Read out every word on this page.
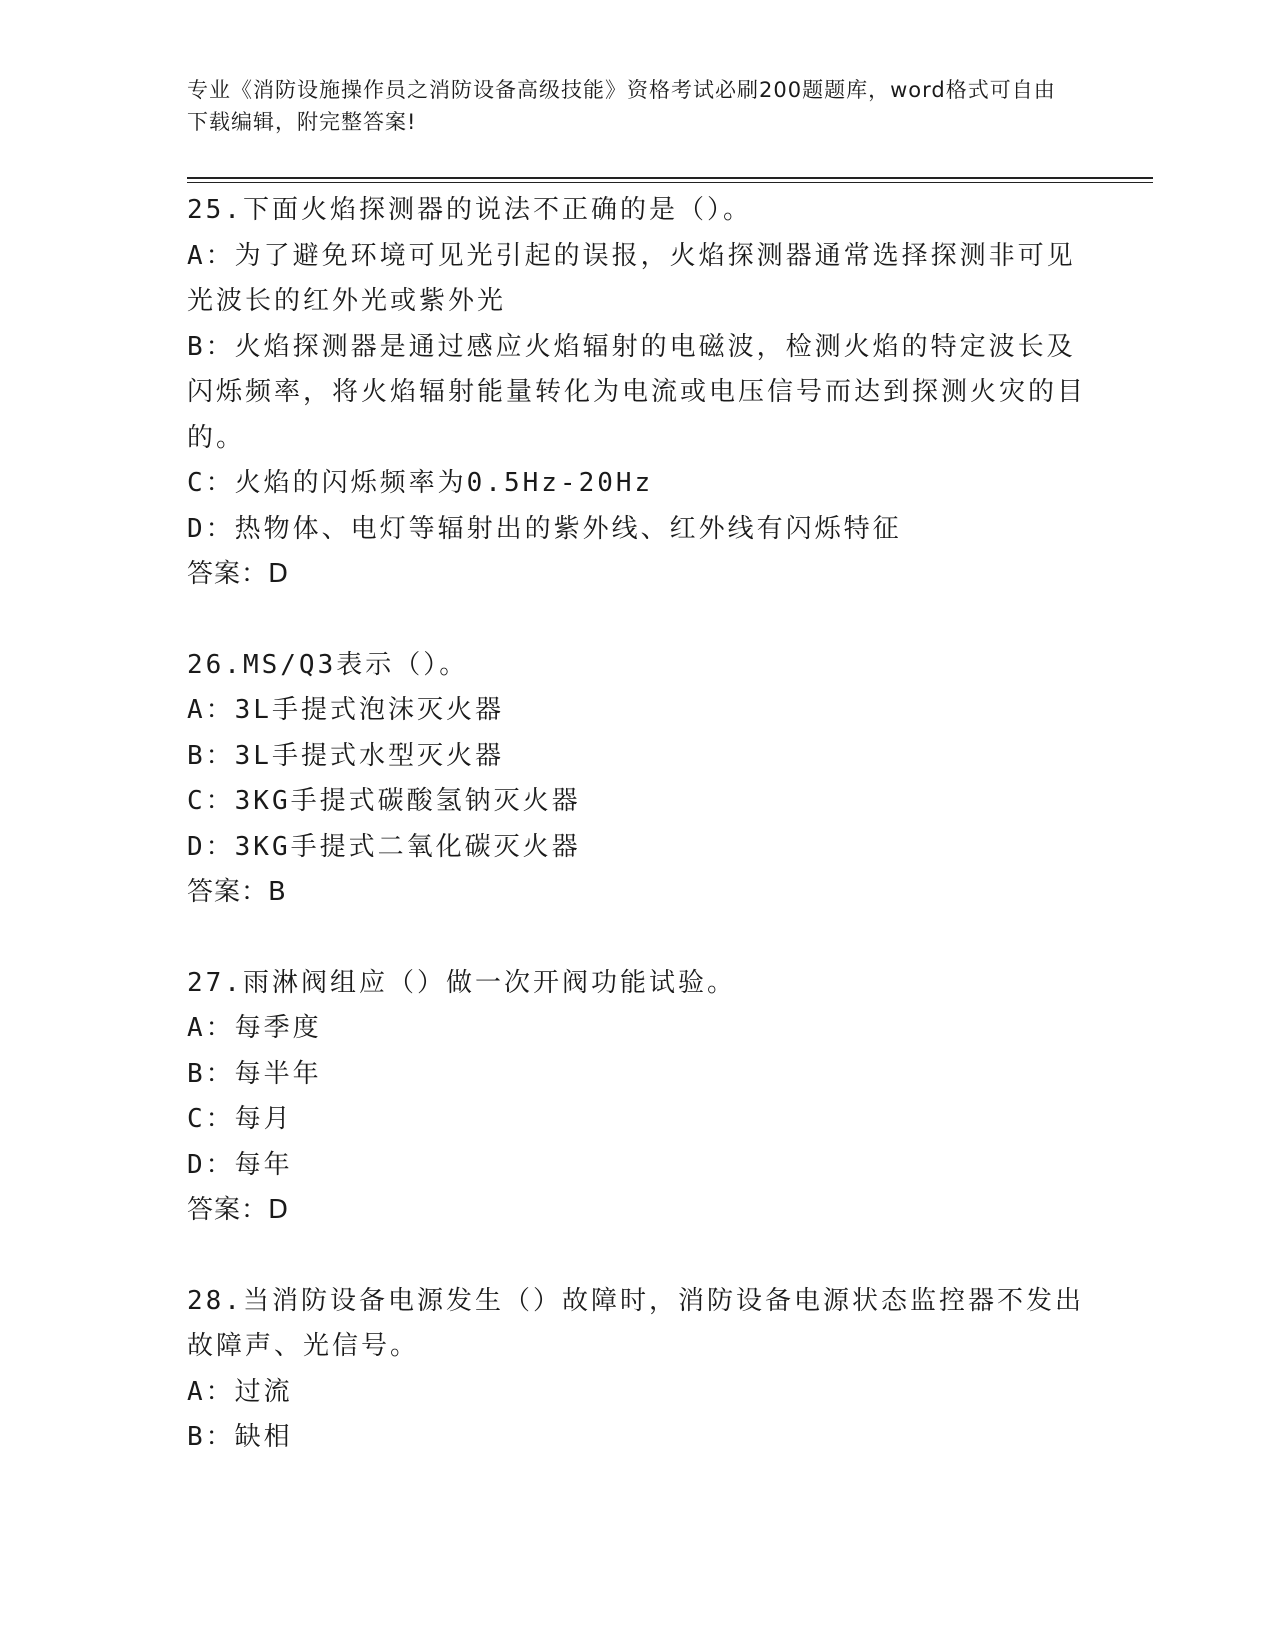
专业《消防设施操作员之消防设备高级技能》资格考试必刷200题题库，word格式可自由下载编辑，附完整答案!
25.下面火焰探测器的说法不正确的是（）。
A：为了避免环境可见光引起的误报，火焰探测器通常选择探测非可见光波长的红外光或紫外光
B：火焰探测器是通过感应火焰辐射的电磁波，检测火焰的特定波长及闪烁频率，将火焰辐射能量转化为电流或电压信号而达到探测火灾的目的。
C：火焰的闪烁频率为0.5Hz-20Hz
D：热物体、电灯等辐射出的紫外线、红外线有闪烁特征
答案：D
26.MS/Q3表示（）。
A：3L手提式泡沫灭火器
B：3L手提式水型灭火器
C：3KG手提式碳酸氢钠灭火器
D：3KG手提式二氧化碳灭火器
答案：B
27.雨淋阀组应（）做一次开阀功能试验。
A：每季度
B：每半年
C：每月
D：每年
答案：D
28.当消防设备电源发生（）故障时，消防设备电源状态监控器不发出故障声、光信号。
A：过流
B：缺相
